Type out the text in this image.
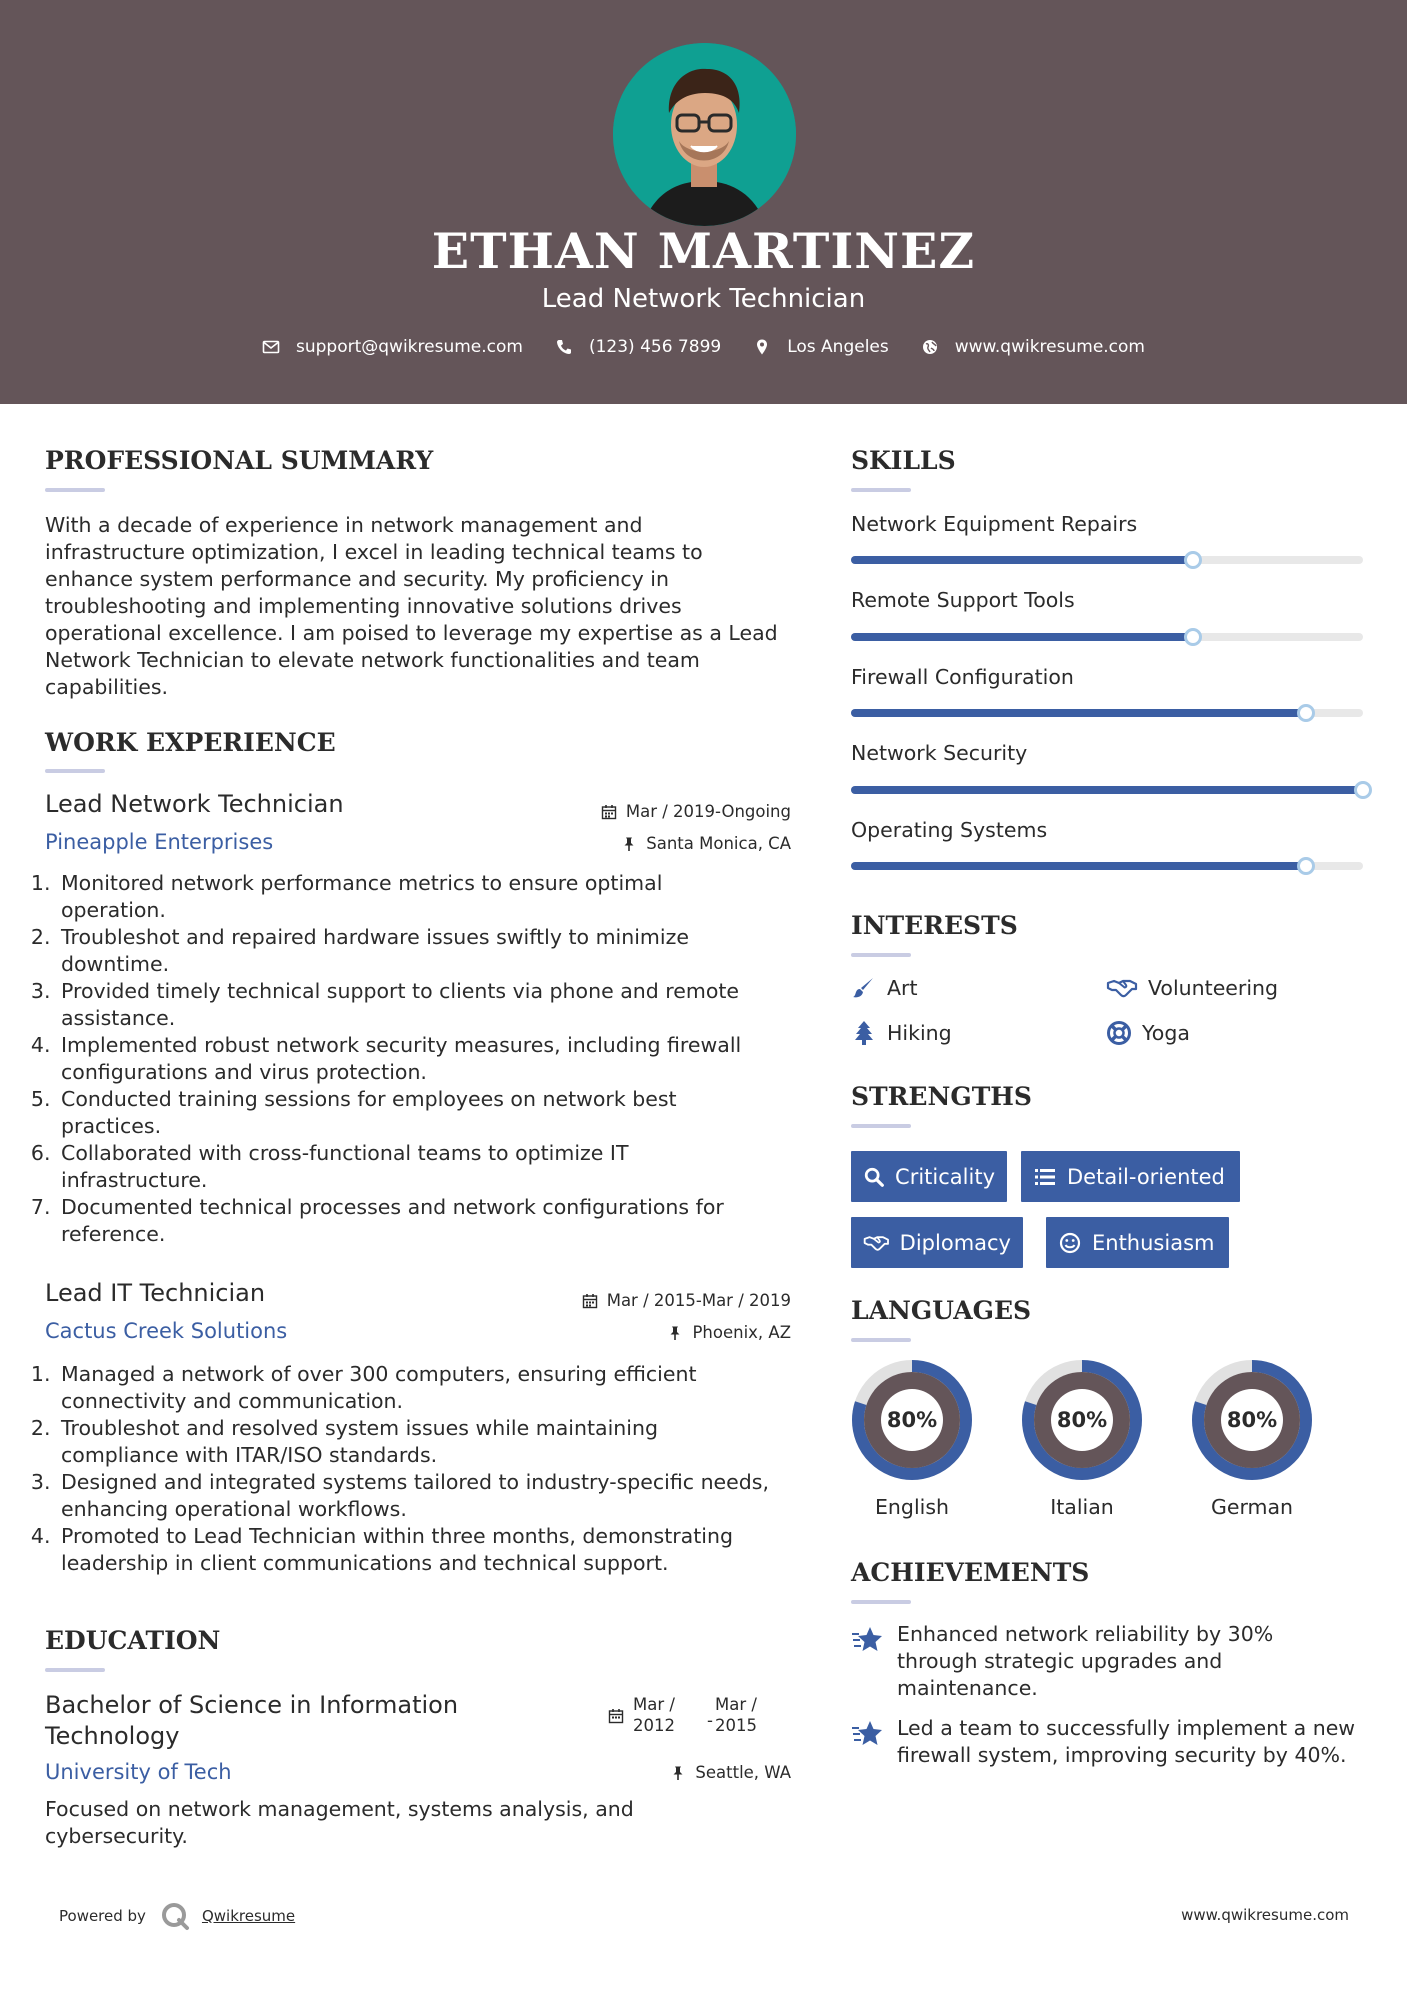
ETHAN MARTINEZ
Lead Network Technician
support@qwikresume.com	(123) 456 7899	Los Angeles	www.qwikresume.com
PROFESSIONAL SUMMARY
With a decade of experience in network management and
infrastructure optimization, I excel in leading technical teams to
enhance system performance and security. My proficiency in
troubleshooting and implementing innovative solutions drives
operational excellence. I am poised to leverage my expertise as a Lead
Network Technician to elevate network functionalities and team
capabilities.
WORK EXPERIENCE
Lead Network Technician	Mar / 2019-Ongoing
Pineapple Enterprises	Santa Monica, CA
1. Monitored network performance metrics to ensure optimal
operation.
2. Troubleshot and repaired hardware issues swiftly to minimize
downtime.
3. Provided timely technical support to clients via phone and remote
assistance.
4. Implemented robust network security measures, including firewall
configurations and virus protection.
5. Conducted training sessions for employees on network best
practices.
6. Collaborated with cross-functional teams to optimize IT
infrastructure.
7. Documented technical processes and network configurations for
reference.
Lead IT Technician	Mar / 2015-Mar / 2019
Cactus Creek Solutions	Phoenix, AZ
1. Managed a network of over 300 computers, ensuring efficient
connectivity and communication.
2. Troubleshot and resolved system issues while maintaining
compliance with ITAR/ISO standards.
3. Designed and integrated systems tailored to industry-specific needs,
enhancing operational workflows.
4. Promoted to Lead Technician within three months, demonstrating
leadership in client communications and technical support.
EDUCATION
Bachelor of Science in Information
Technology
Mar /
2012 -
Mar /
2015
University of Tech	Seattle, WA
Focused on network management, systems analysis, and
cybersecurity.
SKILLS
Network Equipment Repairs
Remote Support Tools
Firewall Configuration
Network Security
Operating Systems
INTERESTS
Art	Volunteering
Hiking	Yoga
STRENGTHS
Criticality	Detail-oriented
Diplomacy	Enthusiasm
LANGUAGES
80%
English
80%
Italian
80%
German
ACHIEVEMENTS
Enhanced network reliability by 30%
through strategic upgrades and
maintenance.
Led a team to successfully implement a new
firewall system, improving security by 40%.
Powered by	Qwikresume	www.qwikresume.com
